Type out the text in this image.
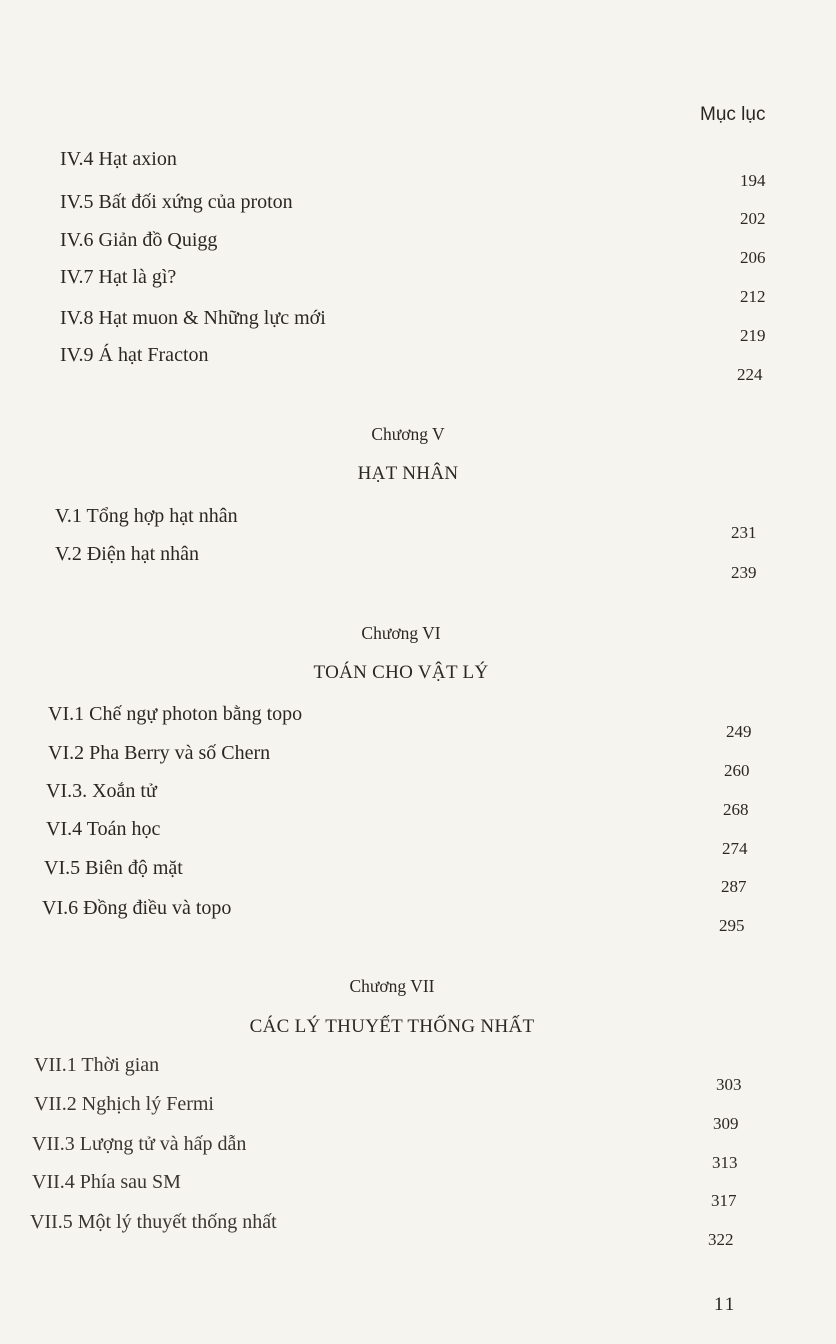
Mục lục
IV.4 Hạt axion
194
IV.5 Bất đối xứng của proton
202
IV.6 Giản đồ Quigg
206
IV.7 Hạt là gì?
212
IV.8 Hạt muon & Những lực mới
219
IV.9 Á hạt Fracton
224
Chương V
HẠT NHÂN
V.1 Tổng hợp hạt nhân
231
V.2 Điện hạt nhân
239
Chương VI
TOÁN CHO VẬT LÝ
VI.1 Chế ngự photon bằng topo
249
VI.2 Pha Berry và số Chern
260
VI.3. Xoắn tử
268
VI.4 Toán học
274
VI.5 Biên độ mặt
287
VI.6 Đồng điều và topo
295
Chương VII
CÁC LÝ THUYẾT THỐNG NHẤT
VII.1 Thời gian
303
VII.2 Nghịch lý Fermi
309
VII.3 Lượng tử và hấp dẫn
313
VII.4 Phía sau SM
317
VII.5 Một lý thuyết thống nhất
322
11
